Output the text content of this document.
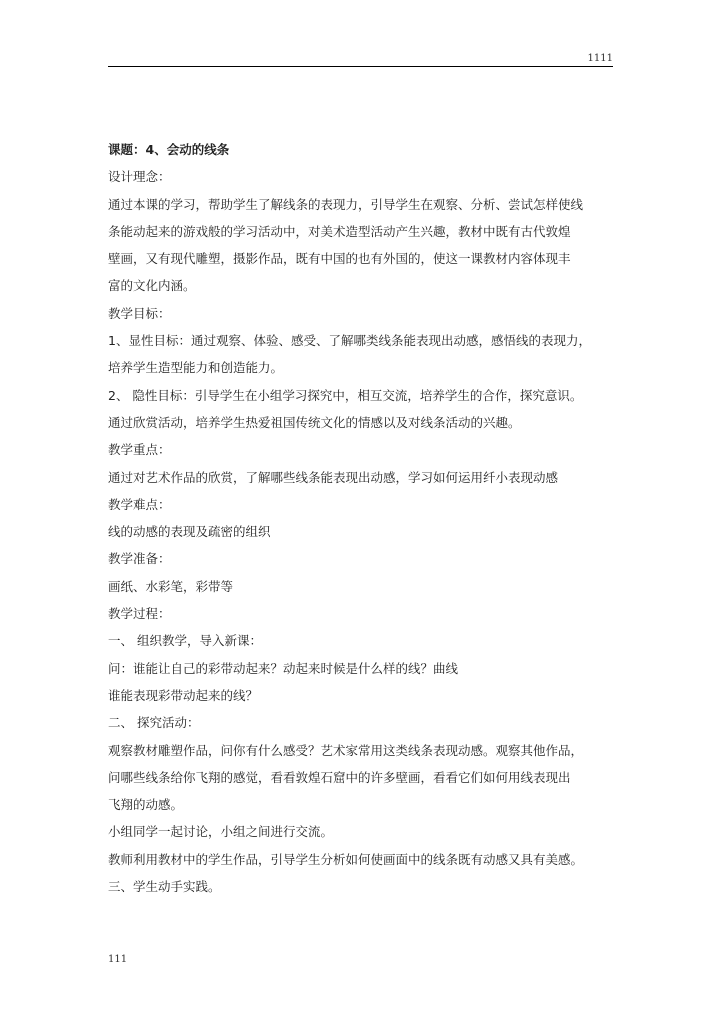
1111
课题：4、会动的线条
设计理念：
通过本课的学习，帮助学生了解线条的表现力，引导学生在观察、分析、尝试怎样使线
条能动起来的游戏般的学习活动中，对美术造型活动产生兴趣，教材中既有古代敦煌
壁画，又有现代雕塑，摄影作品，既有中国的也有外国的，使这一课教材内容体现丰
富的文化内涵。
教学目标：
1、显性目标：通过观察、体验、感受、了解哪类线条能表现出动感，感悟线的表现力，
培养学生造型能力和创造能力。
2、 隐性目标：引导学生在小组学习探究中，相互交流，培养学生的合作，探究意识。
通过欣赏活动，培养学生热爱祖国传统文化的情感以及对线条活动的兴趣。
教学重点：
通过对艺术作品的欣赏，了解哪些线条能表现出动感，学习如何运用纤小表现动感
教学难点：
线的动感的表现及疏密的组织
教学准备：
画纸、水彩笔，彩带等
教学过程：
一、 组织教学，导入新课：
问：谁能让自己的彩带动起来？动起来时候是什么样的线？曲线
谁能表现彩带动起来的线？
二、 探究活动：
观察教材雕塑作品，问你有什么感受？艺术家常用这类线条表现动感。观察其他作品，
问哪些线条给你飞翔的感觉，看看敦煌石窟中的许多壁画，看看它们如何用线表现出
飞翔的动感。
小组同学一起讨论，小组之间进行交流。
教师利用教材中的学生作品，引导学生分析如何使画面中的线条既有动感又具有美感。
三、学生动手实践。
111
